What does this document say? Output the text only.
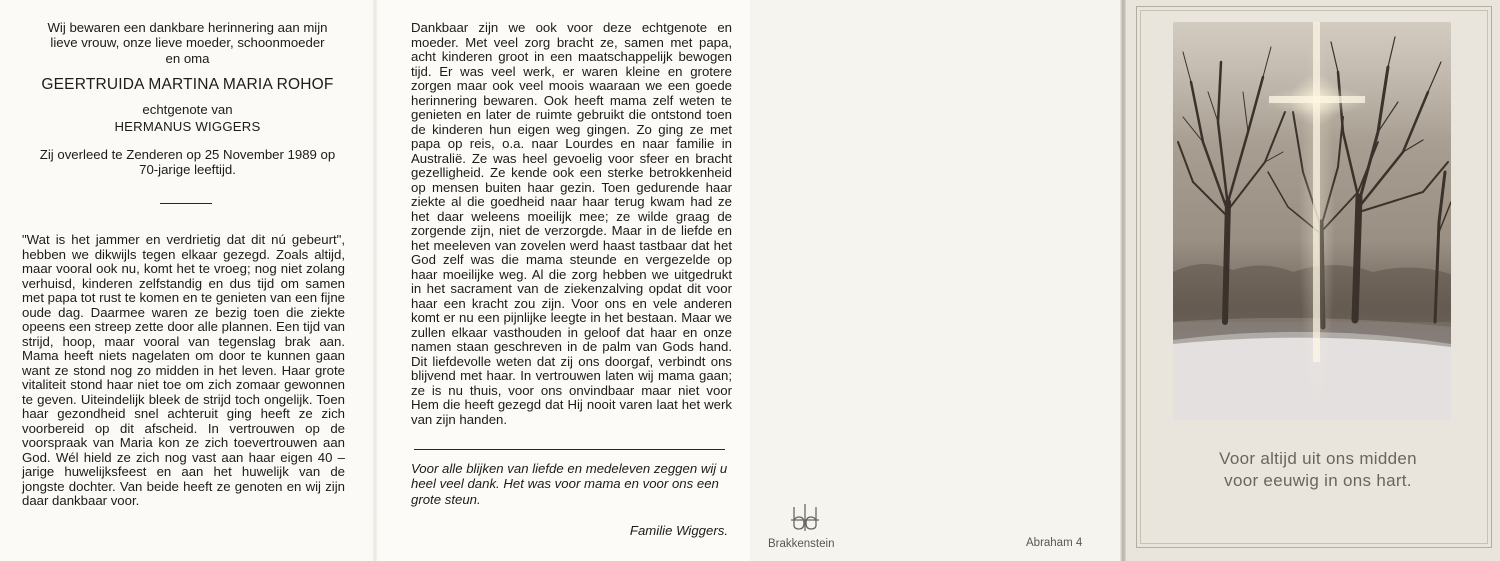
Wij bewaren een dankbare herinnering aan mijn
lieve vrouw, onze lieve moeder, schoonmoeder
en oma
GEERTRUIDA MARTINA MARIA ROHOF
echtgenote van
HERMANUS WIGGERS
Zij overleed te Zenderen op 25 November 1989 op
70-jarige leeftijd.

"Wat is het jammer en verdrietig dat dit nú gebeurt", hebben we dikwijls tegen elkaar gezegd. Zoals altijd, maar vooral ook nu, komt het te vroeg; nog niet zolang verhuisd, kinderen zelfstandig en dus tijd om samen met papa tot rust te komen en te genieten van een fijne oude dag. Daarmee waren ze bezig toen die ziekte opeens een streep zette door alle plannen. Een tijd van strijd, hoop, maar vooral van tegenslag brak aan. Mama heeft niets nagelaten om door te kunnen gaan want ze stond nog zo midden in het leven. Haar grote vitaliteit stond haar niet toe om zich zomaar gewonnen te geven. Uiteindelijk bleek de strijd toch ongelijk. Toen haar gezondheid snel achteruit ging heeft ze zich voorbereid op dit afscheid. In vertrouwen op de voorspraak van Maria kon ze zich toevertrouwen aan God. Wél hield ze zich nog vast aan haar eigen 40 – jarige huwelijksfeest en aan het huwelijk van de jongste dochter. Van beide heeft ze genoten en wij zijn daar dankbaar voor.

Dankbaar zijn we ook voor deze echtgenote en moeder. Met veel zorg bracht ze, samen met papa, acht kinderen groot in een maatschappelijk bewogen tijd. Er was veel werk, er waren kleine en grotere zorgen maar ook veel moois waaraan we een goede herinnering bewaren. Ook heeft mama zelf weten te genieten en later de ruimte gebruikt die ontstond toen de kinderen hun eigen weg gingen. Zo ging ze met papa op reis, o.a. naar Lourdes en naar familie in Australië. Ze was heel gevoelig voor sfeer en bracht gezelligheid. Ze kende ook een sterke betrokkenheid op mensen buiten haar gezin. Toen gedurende haar ziekte al die goedheid naar haar terug kwam had ze het daar weleens moeilijk mee; ze wilde graag de zorgende zijn, niet de verzorgde. Maar in de liefde en het meeleven van zovelen werd haast tastbaar dat het God zelf was die mama steunde en vergezelde op haar moeilijke weg. Al die zorg hebben we uitgedrukt in het sacrament van de ziekenzalving opdat dit voor haar een kracht zou zijn. Voor ons en vele anderen komt er nu een pijnlijke leegte in het bestaan. Maar we zullen elkaar vasthouden in geloof dat haar en onze namen staan geschreven in de palm van Gods hand. Dit liefdevolle weten dat zij ons doorgaf, verbindt ons blijvend met haar. In vertrouwen laten wij mama gaan; ze is nu thuis, voor ons onvindbaar maar niet voor Hem die heeft gezegd dat Hij nooit varen laat het werk van zijn handen.

Voor alle blijken van liefde en medeleven zeggen wij u heel veel dank. Het was voor mama en voor ons een grote steun.
Familie Wiggers.
Brakkenstein	Abraham 4
Voor altijd uit ons midden
voor eeuwig in ons hart.
